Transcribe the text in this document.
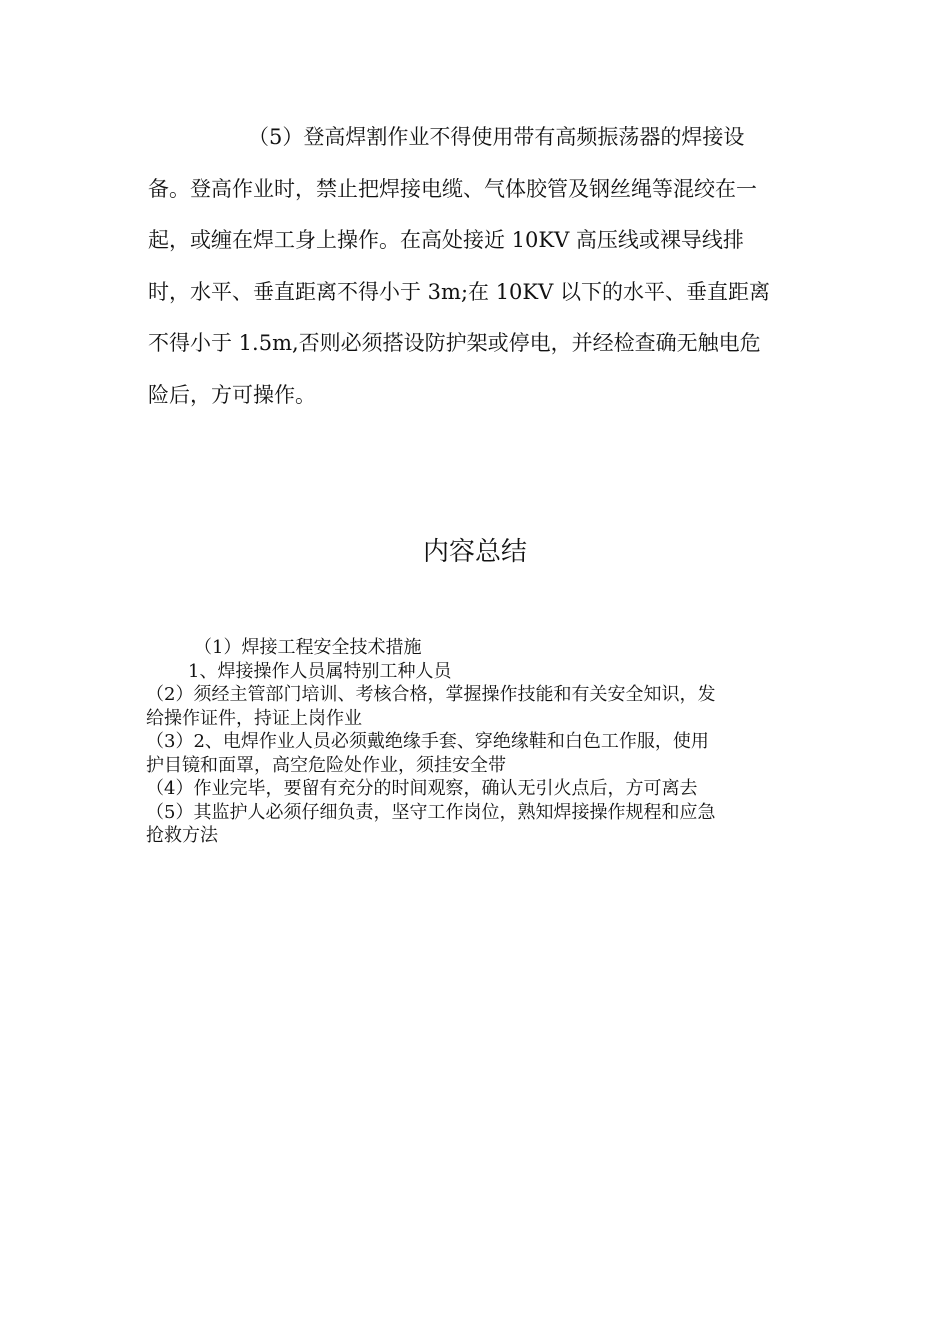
（5）登高焊割作业不得使用带有高频振荡器的焊接设
备。登高作业时，禁止把焊接电缆、气体胶管及钢丝绳等混绞在一
起，或缠在焊工身上操作。在高处接近 10KV 高压线或裸导线排
时，水平、垂直距离不得小于 3m;在 10KV 以下的水平、垂直距离
不得小于 1.5m,否则必须搭设防护架或停电，并经检查确无触电危
险后，方可操作。
内容总结
（1）焊接工程安全技术措施
1、焊接操作人员属特别工种人员
（2）须经主管部门培训、考核合格，掌握操作技能和有关安全知识，发
给操作证件，持证上岗作业
（3）2、电焊作业人员必须戴绝缘手套、穿绝缘鞋和白色工作服，使用
护目镜和面罩，高空危险处作业，须挂安全带
（4）作业完毕，要留有充分的时间观察，确认无引火点后，方可离去
（5）其监护人必须仔细负责，坚守工作岗位，熟知焊接操作规程和应急
抢救方法
